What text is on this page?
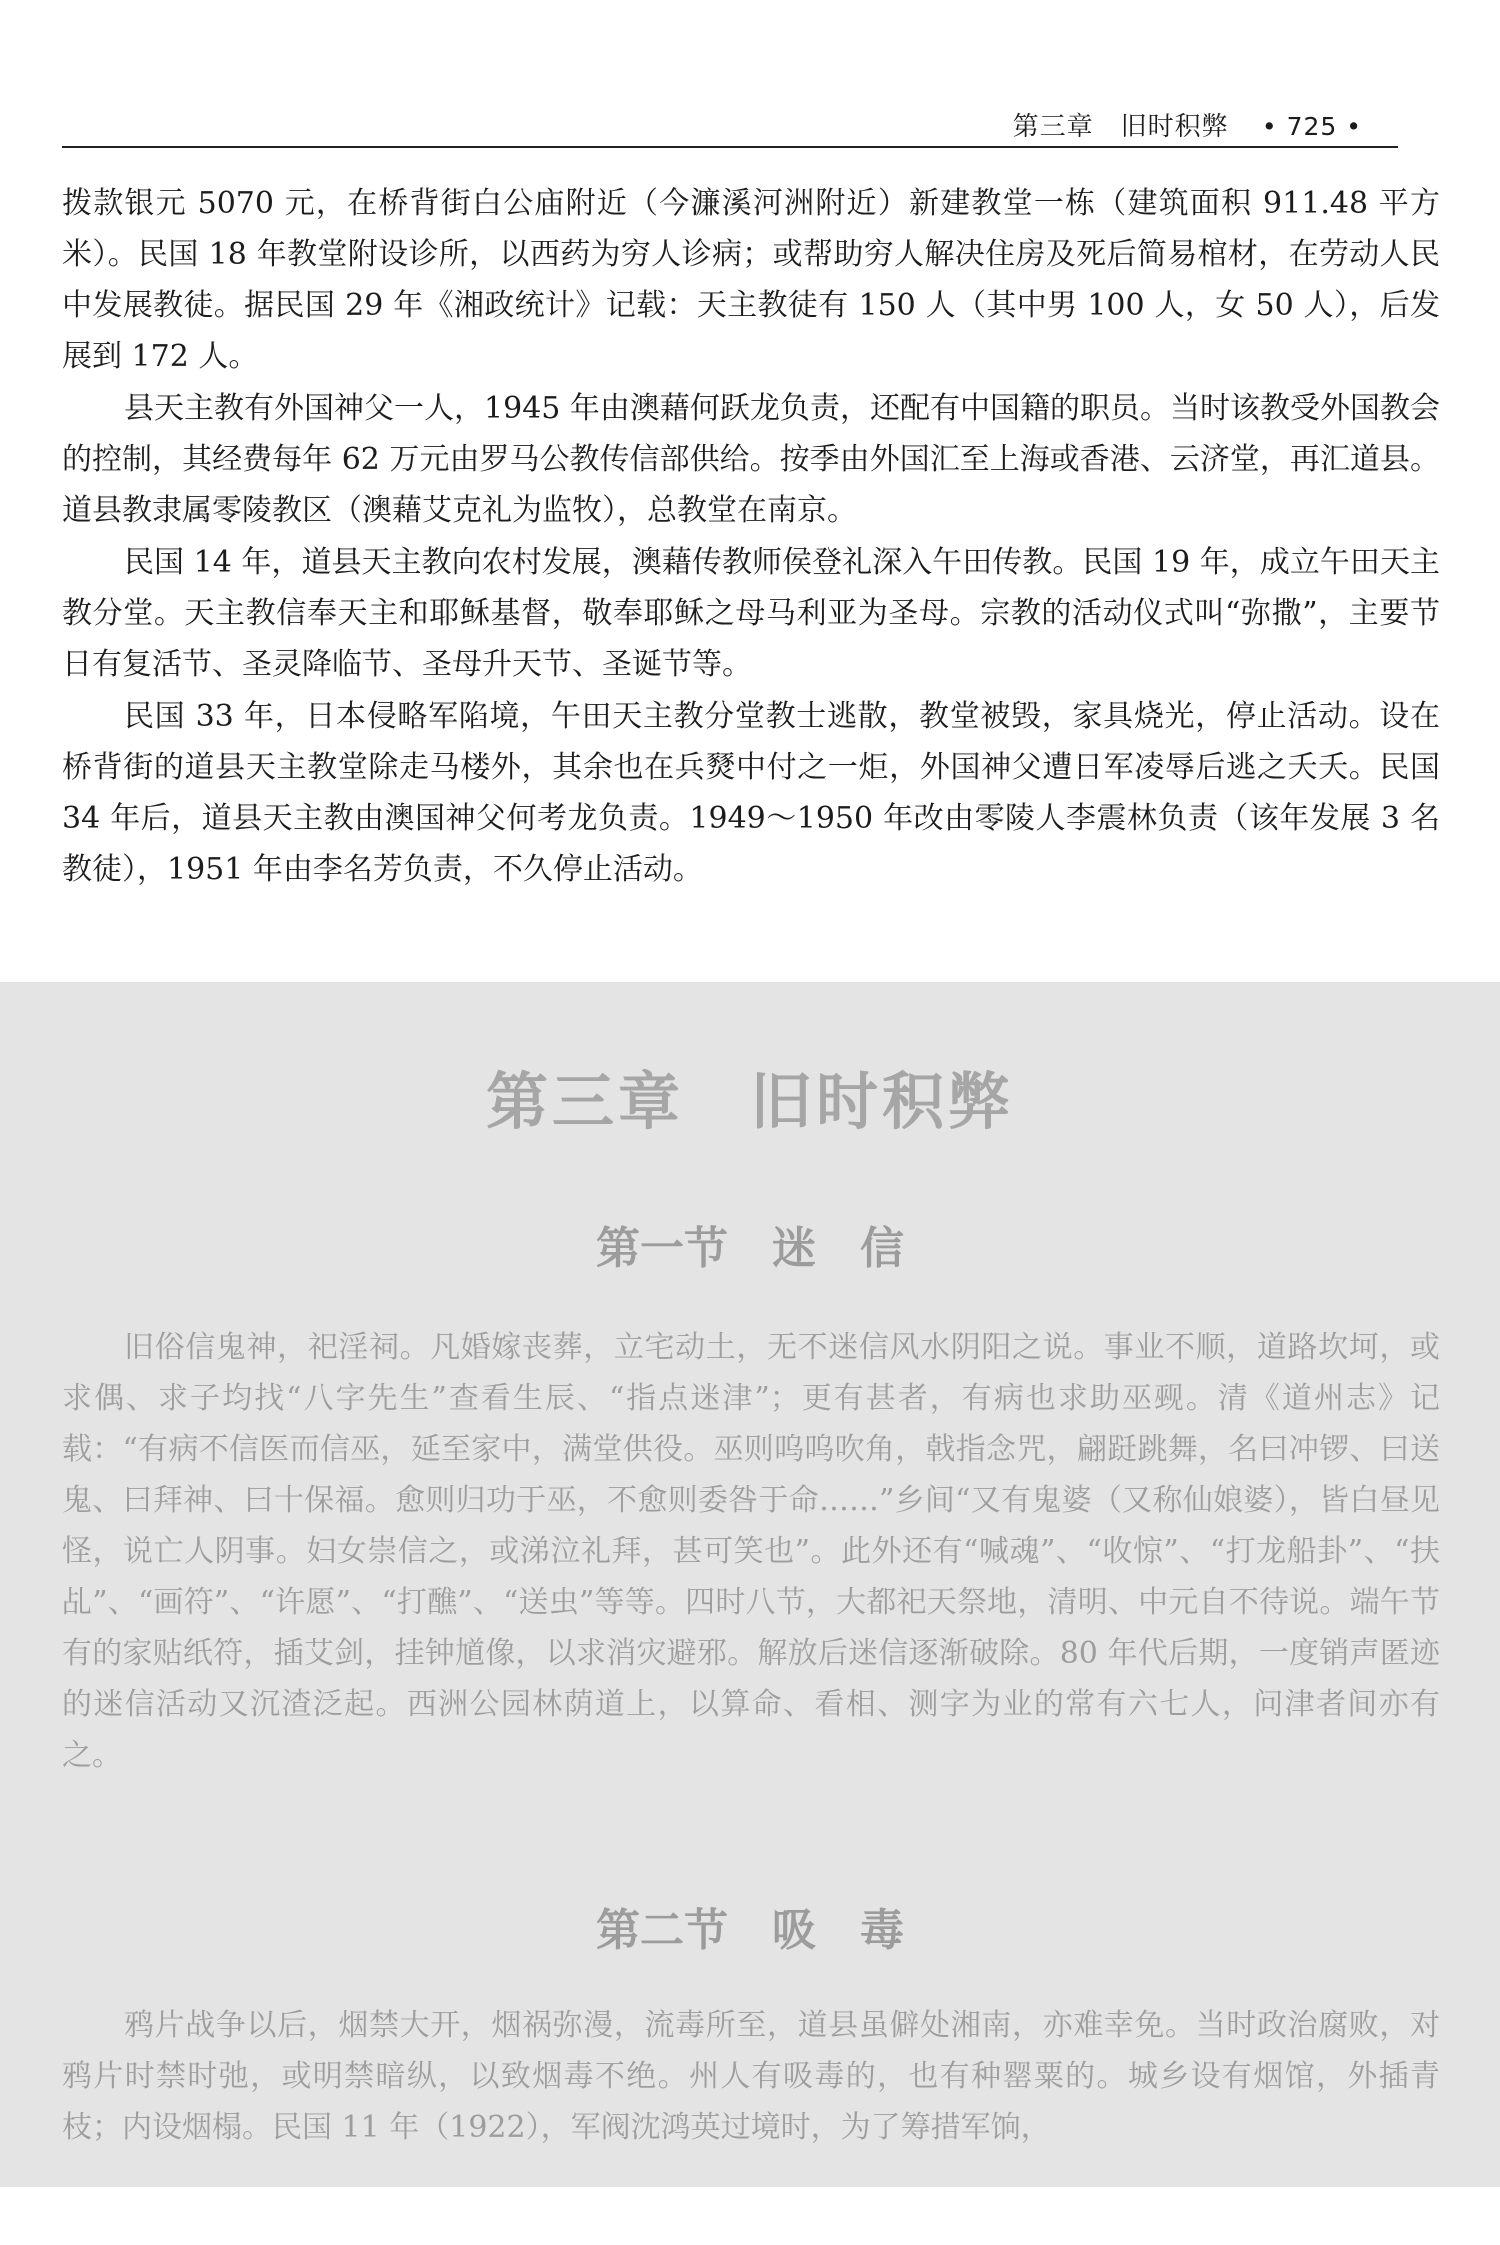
第三章　旧时积弊 • 725 •

拨款银元 5070 元，在桥背街白公庙附近（今濂溪河洲附近）新建教堂一栋（建筑面积 911.48 平方米）。民国 18 年教堂附设诊所，以西药为穷人诊病；或帮助穷人解决住房及死后简易棺材，在劳动人民中发展教徒。据民国 29 年《湘政统计》记载：天主教徒有 150 人（其中男 100 人，女 50 人），后发展到 172 人。

县天主教有外国神父一人，1945 年由澳藉何跃龙负责，还配有中国籍的职员。当时该教受外国教会的控制，其经费每年 62 万元由罗马公教传信部供给。按季由外国汇至上海或香港、云济堂，再汇道县。道县教隶属零陵教区（澳藉艾克礼为监牧），总教堂在南京。

民国 14 年，道县天主教向农村发展，澳藉传教师侯登礼深入午田传教。民国 19 年，成立午田天主教分堂。天主教信奉天主和耶稣基督，敬奉耶稣之母马利亚为圣母。宗教的活动仪式叫“弥撒”，主要节日有复活节、圣灵降临节、圣母升天节、圣诞节等。

民国 33 年，日本侵略军陷境，午田天主教分堂教士逃散，教堂被毁，家具烧光，停止活动。设在桥背街的道县天主教堂除走马楼外，其余也在兵燹中付之一炬，外国神父遭日军凌辱后逃之夭夭。民国 34 年后，道县天主教由澳国神父何考龙负责。1949～1950 年改由零陵人李震林负责（该年发展 3 名教徒），1951 年由李名芳负责，不久停止活动。

第三章　旧时积弊
第一节　迷　信

旧俗信鬼神，祀淫祠。凡婚嫁丧葬，立宅动土，无不迷信风水阴阳之说。事业不顺，道路坎坷，或求偶、求子均找“八字先生”查看生辰、“指点迷津”；更有甚者，有病也求助巫觋。清《道州志》记载：“有病不信医而信巫，延至家中，满堂供役。巫则呜呜吹角，戟指念咒，翩跹跳舞，名曰冲锣、曰送鬼、曰拜神、曰十保福。愈则归功于巫，不愈则委咎于命……”乡间“又有鬼婆（又称仙娘婆），皆白昼见怪，说亡人阴事。妇女崇信之，或涕泣礼拜，甚可笑也”。此外还有“喊魂”、“收惊”、“打龙船卦”、“扶乩”、“画符”、“许愿”、“打醮”、“送虫”等等。四时八节，大都祀天祭地，清明、中元自不待说。端午节有的家贴纸符，插艾剑，挂钟馗像，以求消灾避邪。解放后迷信逐渐破除。80 年代后期，一度销声匿迹的迷信活动又沉渣泛起。西洲公园林荫道上，以算命、看相、测字为业的常有六七人，问津者间亦有之。

第二节　吸　毒

鸦片战争以后，烟禁大开，烟祸弥漫，流毒所至，道县虽僻处湘南，亦难幸免。当时政治腐败，对鸦片时禁时弛，或明禁暗纵，以致烟毒不绝。州人有吸毒的，也有种罂粟的。城乡设有烟馆，外插青枝；内设烟榻。民国 11 年（1922），军阀沈鸿英过境时，为了筹措军饷，
